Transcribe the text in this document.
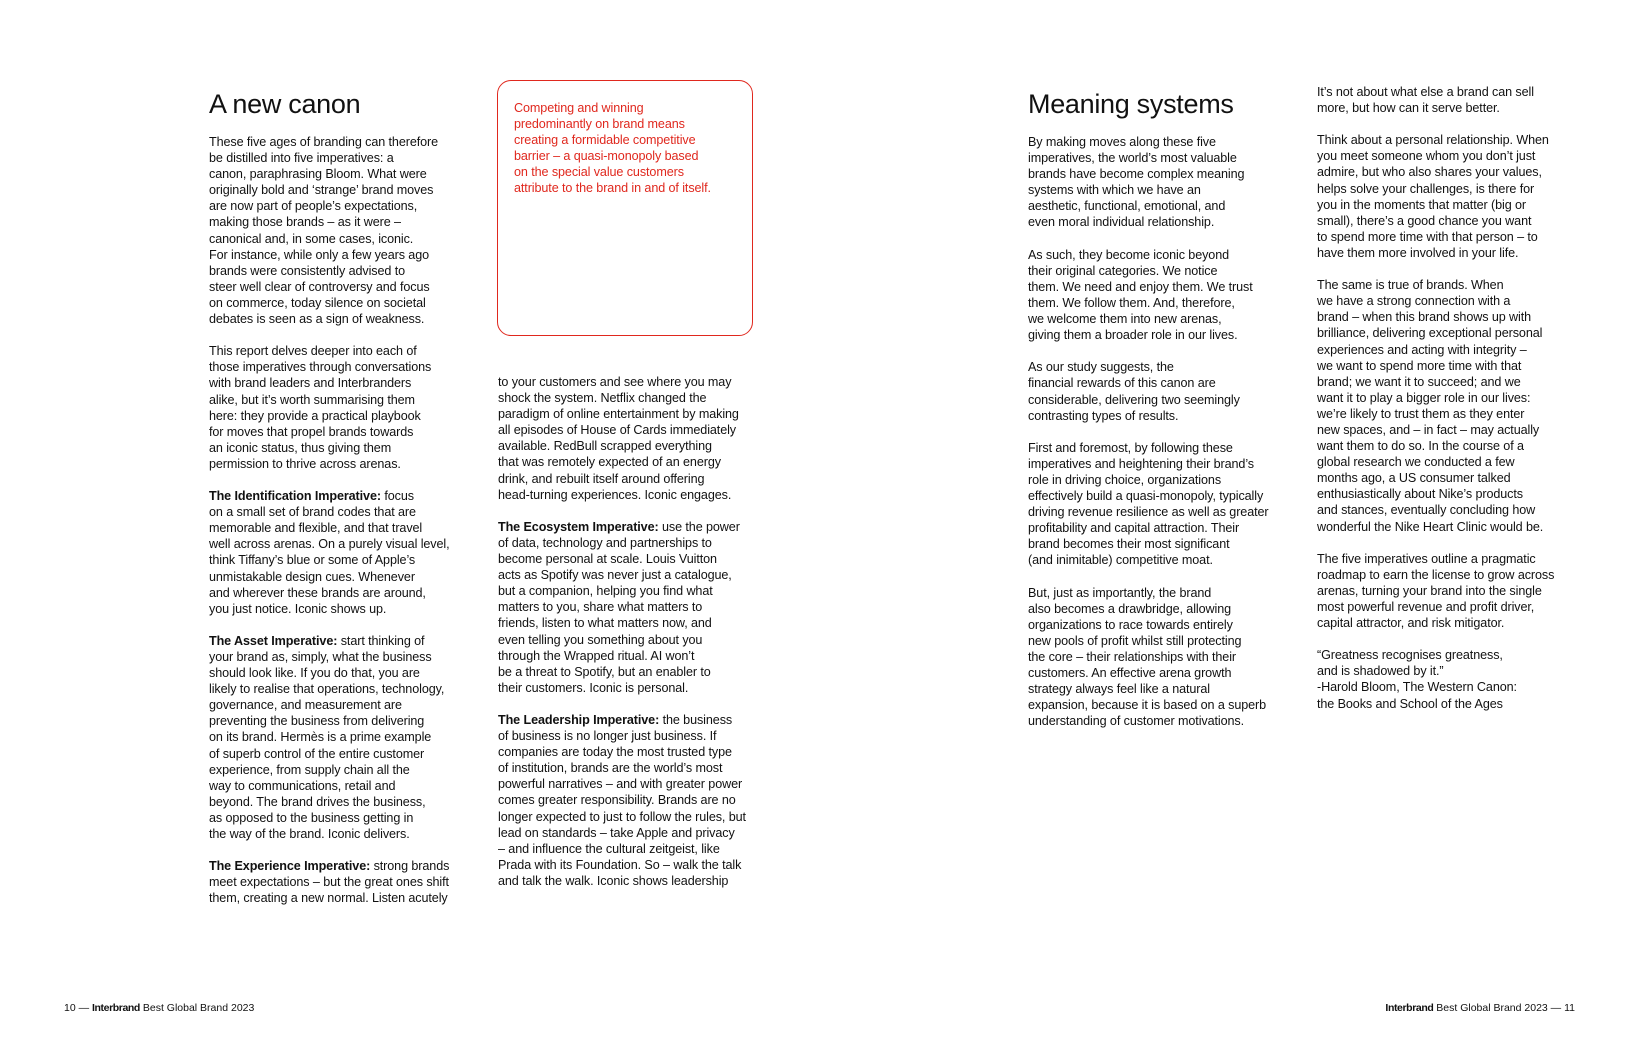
A new canon

These five ages of branding can therefore
be distilled into five imperatives: a
canon, paraphrasing Bloom. What were
originally bold and ‘strange’ brand moves
are now part of people’s expectations,
making those brands – as it were –
canonical and, in some cases, iconic.
For instance, while only a few years ago
brands were consistently advised to
steer well clear of controversy and focus
on commerce, today silence on societal
debates is seen as a sign of weakness.

This report delves deeper into each of
those imperatives through conversations
with brand leaders and Interbranders
alike, but it’s worth summarising them
here: they provide a practical playbook
for moves that propel brands towards
an iconic status, thus giving them
permission to thrive across arenas.

The Identification Imperative: focus
on a small set of brand codes that are
memorable and flexible, and that travel
well across arenas. On a purely visual level,
think Tiffany’s blue or some of Apple’s
unmistakable design cues. Whenever
and wherever these brands are around,
you just notice. Iconic shows up.

The Asset Imperative: start thinking of
your brand as, simply, what the business
should look like. If you do that, you are
likely to realise that operations, technology,
governance, and measurement are
preventing the business from delivering
on its brand. Hermès is a prime example
of superb control of the entire customer
experience, from supply chain all the
way to communications, retail and
beyond. The brand drives the business,
as opposed to the business getting in
the way of the brand. Iconic delivers.

The Experience Imperative: strong brands
meet expectations – but the great ones shift
them, creating a new normal. Listen acutely

Competing and winning
predominantly on brand means
creating a formidable competitive
barrier – a quasi-monopoly based
on the special value customers
attribute to the brand in and of itself.

to your customers and see where you may
shock the system. Netflix changed the
paradigm of online entertainment by making
all episodes of House of Cards immediately
available. RedBull scrapped everything
that was remotely expected of an energy
drink, and rebuilt itself around offering
head-turning experiences. Iconic engages.

The Ecosystem Imperative: use the power
of data, technology and partnerships to
become personal at scale. Louis Vuitton
acts as Spotify was never just a catalogue,
but a companion, helping you find what
matters to you, share what matters to
friends, listen to what matters now, and
even telling you something about you
through the Wrapped ritual. AI won’t
be a threat to Spotify, but an enabler to
their customers. Iconic is personal.

The Leadership Imperative: the business
of business is no longer just business. If
companies are today the most trusted type
of institution, brands are the world’s most
powerful narratives – and with greater power
comes greater responsibility. Brands are no
longer expected to just to follow the rules, but
lead on standards – take Apple and privacy
– and influence the cultural zeitgeist, like
Prada with its Foundation. So – walk the talk
and talk the walk. Iconic shows leadership

10 — Interbrand Best Global Brand 2023
Meaning systems

By making moves along these five
imperatives, the world’s most valuable
brands have become complex meaning
systems with which we have an
aesthetic, functional, emotional, and
even moral individual relationship.

As such, they become iconic beyond
their original categories. We notice
them. We need and enjoy them. We trust
them. We follow them. And, therefore,
we welcome them into new arenas,
giving them a broader role in our lives.

As our study suggests, the
financial rewards of this canon are
considerable, delivering two seemingly
contrasting types of results.

First and foremost, by following these
imperatives and heightening their brand’s
role in driving choice, organizations
effectively build a quasi-monopoly, typically
driving revenue resilience as well as greater
profitability and capital attraction. Their
brand becomes their most significant
(and inimitable) competitive moat.

But, just as importantly, the brand
also becomes a drawbridge, allowing
organizations to race towards entirely
new pools of profit whilst still protecting
the core – their relationships with their
customers. An effective arena growth
strategy always feel like a natural
expansion, because it is based on a superb
understanding of customer motivations.

It’s not about what else a brand can sell
more, but how can it serve better.

Think about a personal relationship. When
you meet someone whom you don’t just
admire, but who also shares your values,
helps solve your challenges, is there for
you in the moments that matter (big or
small), there’s a good chance you want
to spend more time with that person – to
have them more involved in your life.

The same is true of brands. When
we have a strong connection with a
brand – when this brand shows up with
brilliance, delivering exceptional personal
experiences and acting with integrity –
we want to spend more time with that
brand; we want it to succeed; and we
want it to play a bigger role in our lives:
we’re likely to trust them as they enter
new spaces, and – in fact – may actually
want them to do so. In the course of a
global research we conducted a few
months ago, a US consumer talked
enthusiastically about Nike’s products
and stances, eventually concluding how
wonderful the Nike Heart Clinic would be.

The five imperatives outline a pragmatic
roadmap to earn the license to grow across
arenas, turning your brand into the single
most powerful revenue and profit driver,
capital attractor, and risk mitigator.

“Greatness recognises greatness,
and is shadowed by it.”
-Harold Bloom, The Western Canon:
the Books and School of the Ages

Interbrand Best Global Brand 2023 — 11
